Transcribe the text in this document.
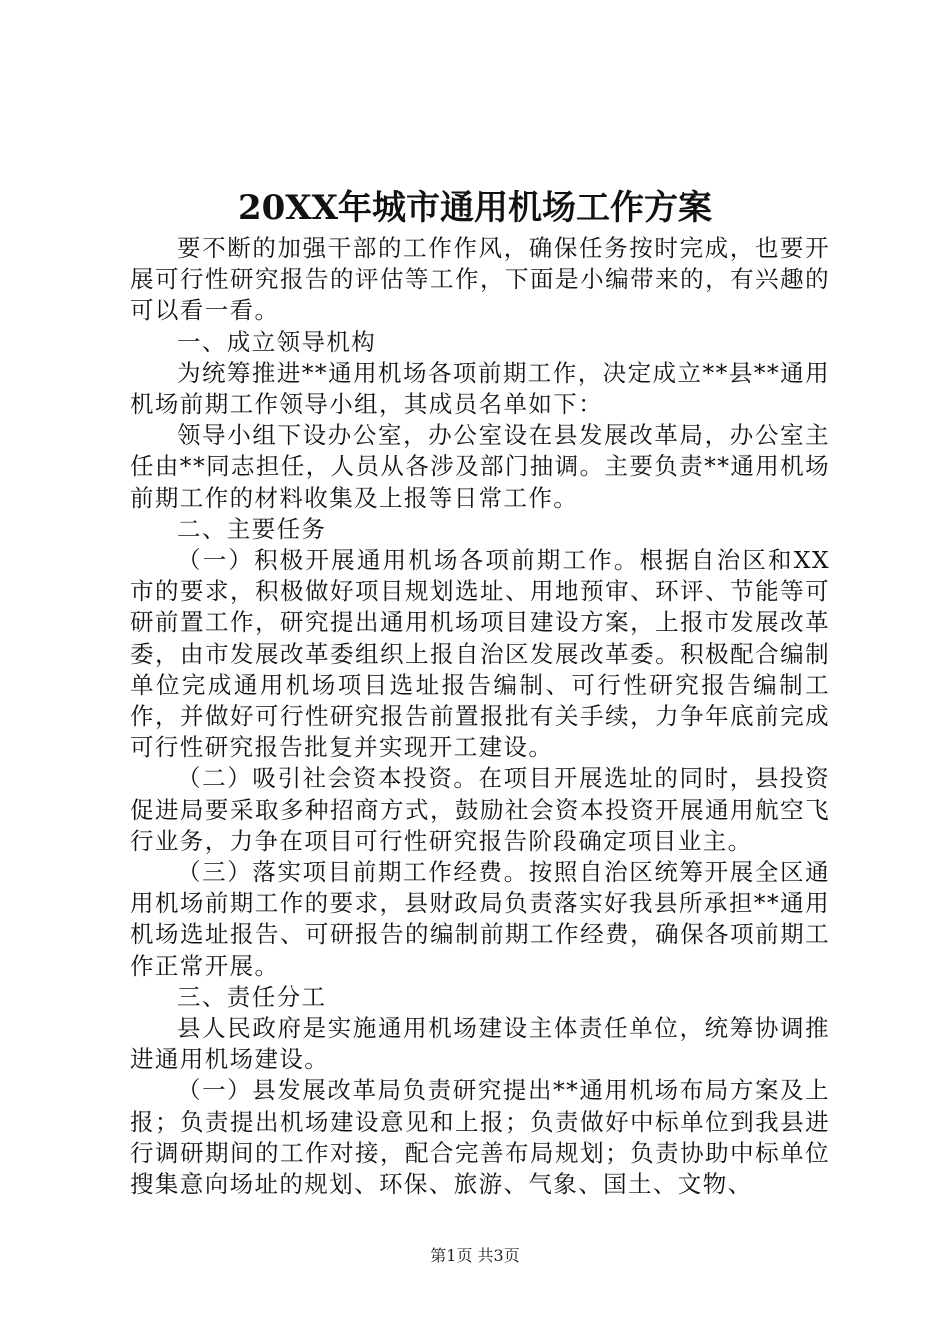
20XX年城市通用机场工作方案

要不断的加强干部的工作作风，确保任务按时完成，也要开展可行性研究报告的评估等工作，下面是小编带来的，有兴趣的可以看一看。

一、成立领导机构

为统筹推进**通用机场各项前期工作，决定成立**县**通用机场前期工作领导小组，其成员名单如下：

领导小组下设办公室，办公室设在县发展改革局，办公室主任由**同志担任，人员从各涉及部门抽调。主要负责**通用机场前期工作的材料收集及上报等日常工作。

二、主要任务

（一）积极开展通用机场各项前期工作。根据自治区和XX市的要求，积极做好项目规划选址、用地预审、环评、节能等可研前置工作，研究提出通用机场项目建设方案，上报市发展改革委，由市发展改革委组织上报自治区发展改革委。积极配合编制单位完成通用机场项目选址报告编制、可行性研究报告编制工作，并做好可行性研究报告前置报批有关手续，力争年底前完成可行性研究报告批复并实现开工建设。

（二）吸引社会资本投资。在项目开展选址的同时，县投资促进局要采取多种招商方式，鼓励社会资本投资开展通用航空飞行业务，力争在项目可行性研究报告阶段确定项目业主。

（三）落实项目前期工作经费。按照自治区统筹开展全区通用机场前期工作的要求，县财政局负责落实好我县所承担**通用机场选址报告、可研报告的编制前期工作经费，确保各项前期工作正常开展。

三、责任分工

县人民政府是实施通用机场建设主体责任单位，统筹协调推进通用机场建设。

（一）县发展改革局负责研究提出**通用机场布局方案及上报；负责提出机场建设意见和上报；负责做好中标单位到我县进行调研期间的工作对接，配合完善布局规划；负责协助中标单位搜集意向场址的规划、环保、旅游、气象、国土、文物、

第1页 共3页
